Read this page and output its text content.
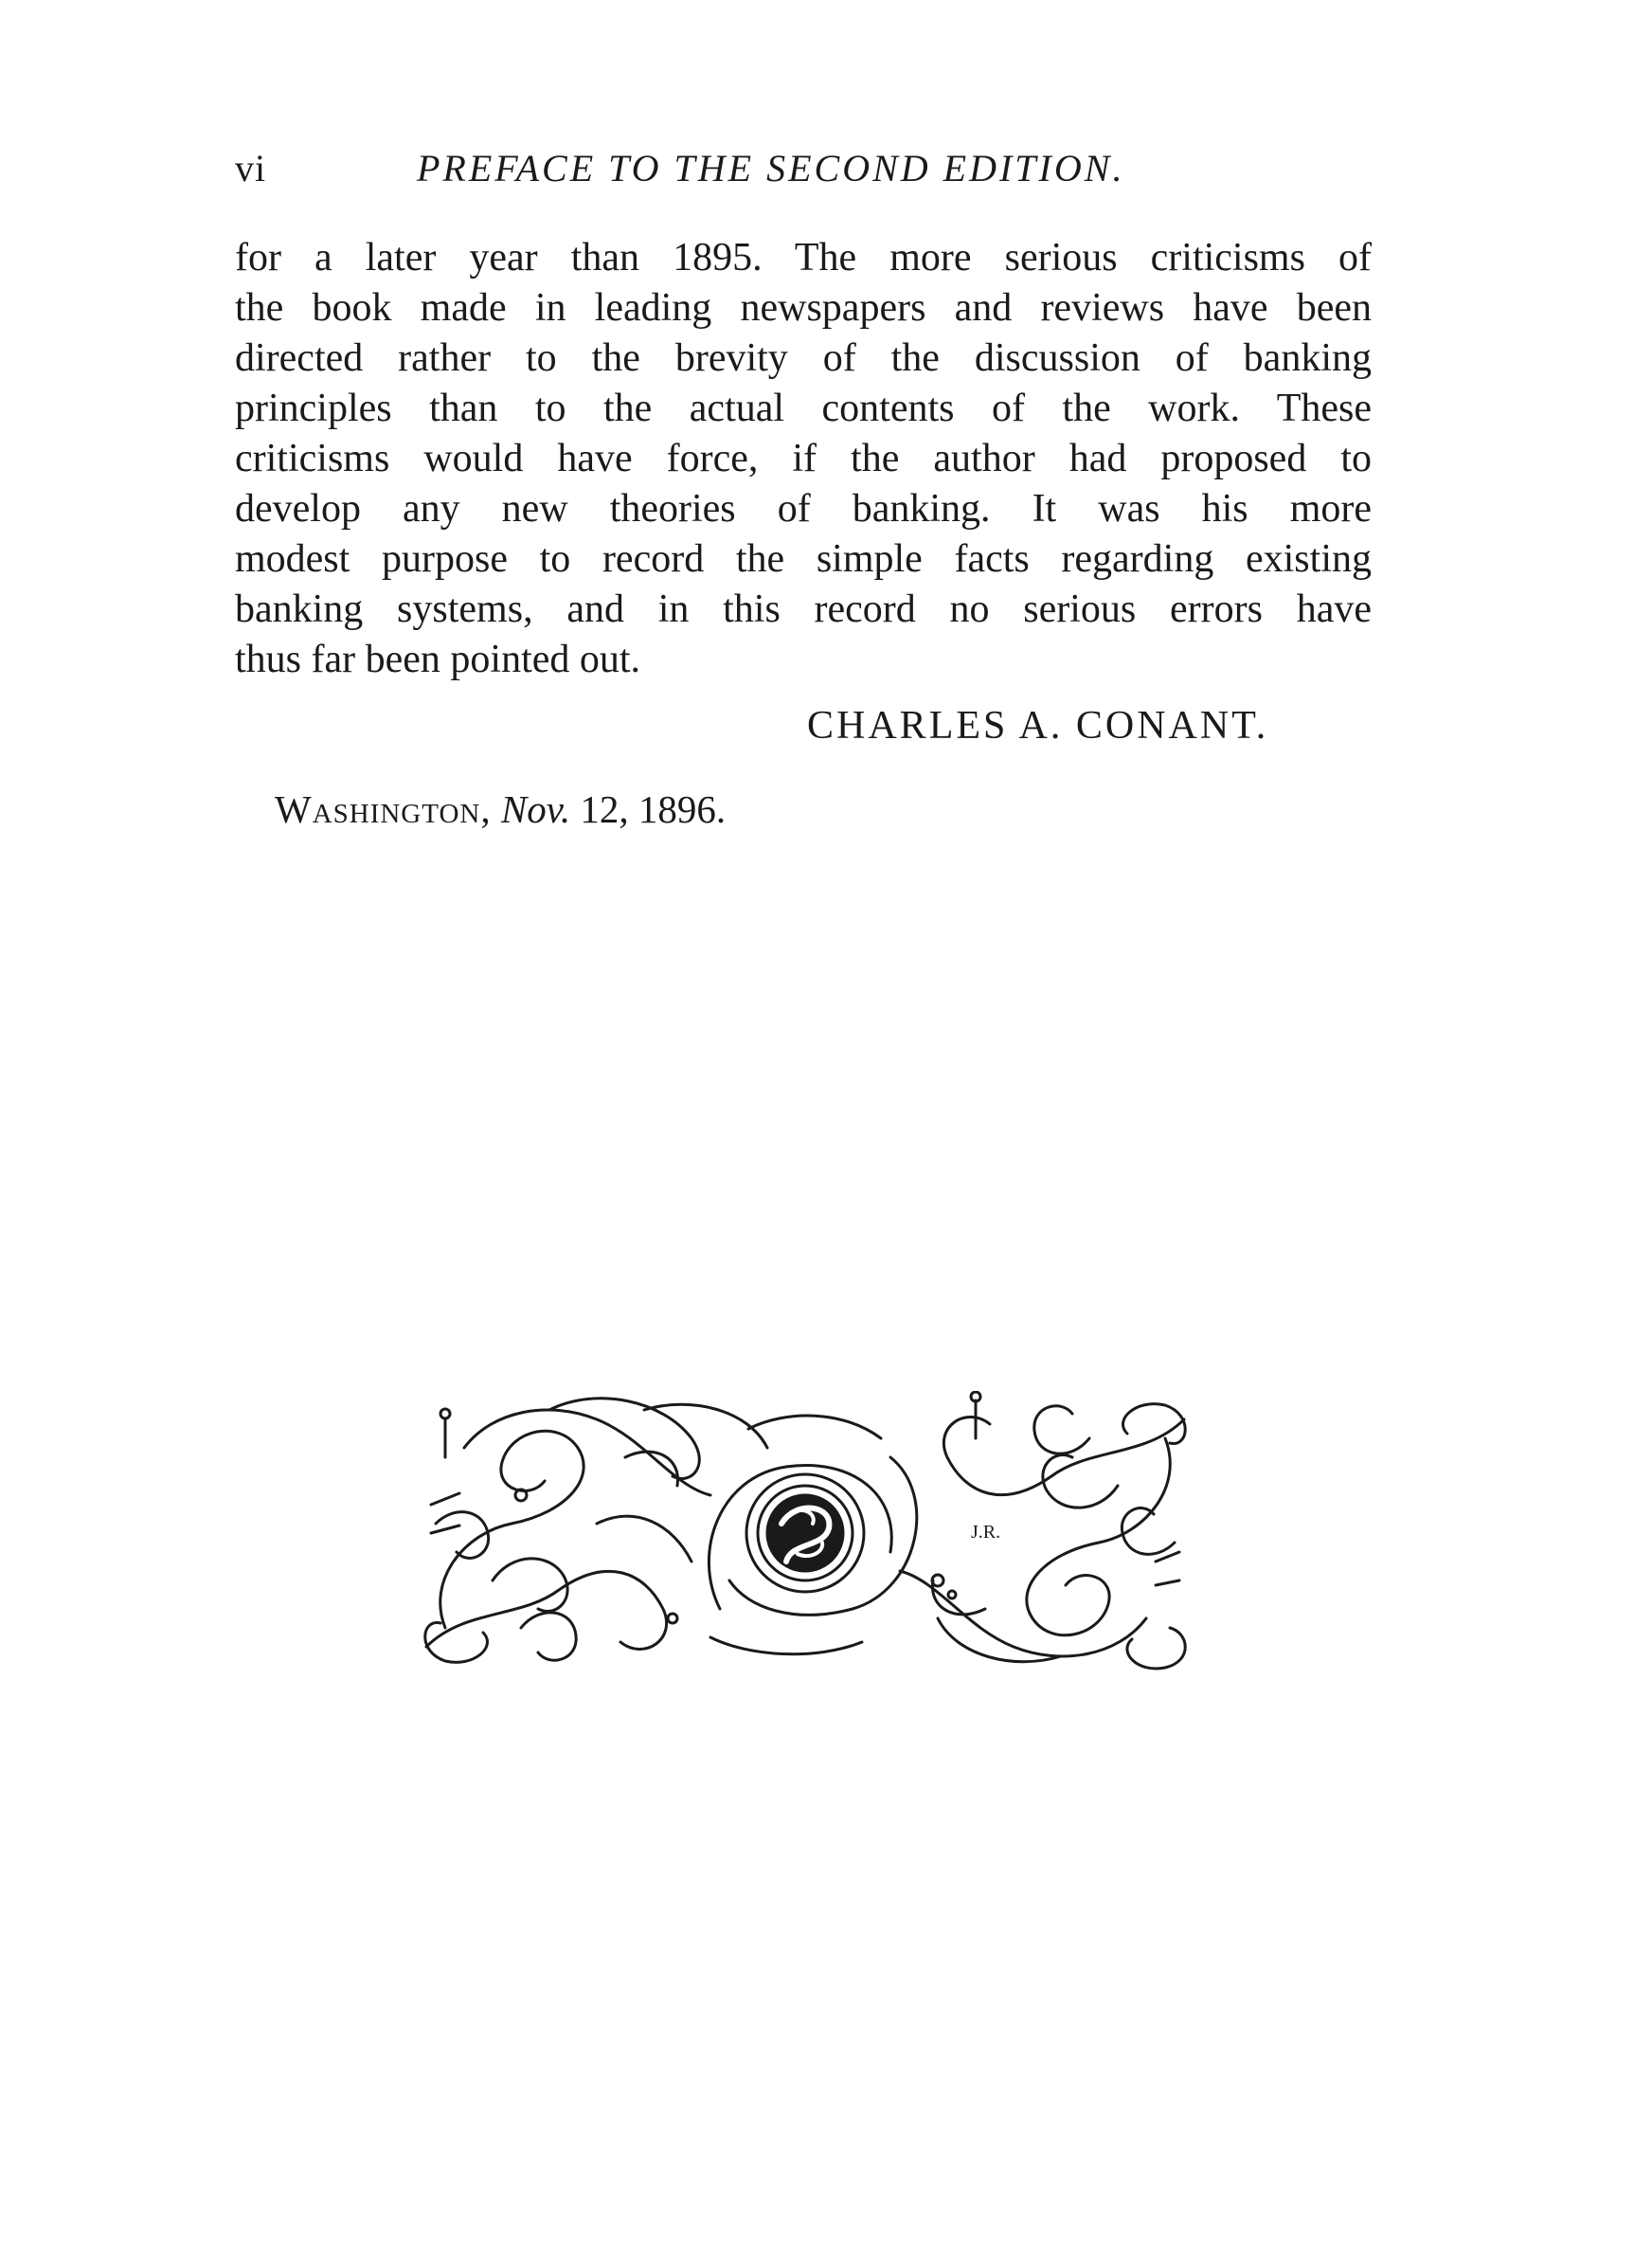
vi	PREFACE TO THE SECOND EDITION.
for a later year than 1895. The more serious criticisms of
the book made in leading newspapers and reviews have been
directed rather to the brevity of the discussion of banking
principles than to the actual contents of the work. These
criticisms would have force, if the author had proposed to
develop any new theories of banking. It was his more
modest purpose to record the simple facts regarding existing
banking systems, and in this record no serious errors have
thus far been pointed out.
CHARLES A. CONANT.
Washington, Nov. 12, 1896.
J.R.
